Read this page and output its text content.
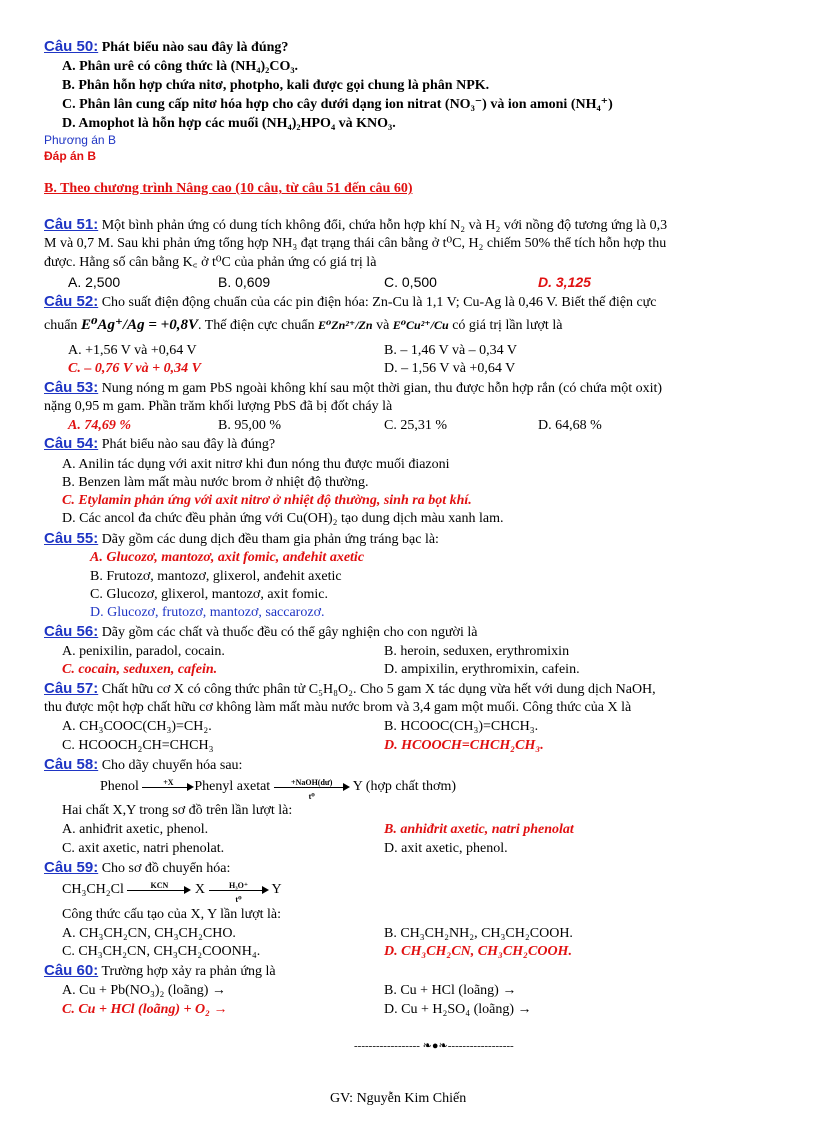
Câu 50: Phát biểu nào sau đây là đúng?
A. Phân urê có công thức là (NH₄)₂CO₃.
B. Phân hỗn hợp chứa nitơ, photpho, kali được gọi chung là phân NPK.
C. Phân lân cung cấp nitơ hóa hợp cho cây dưới dạng ion nitrat (NO₃⁻) và ion amoni (NH₄⁺)
D. Amophot là hỗn hợp các muối (NH₄)₂HPO₄ và KNO₃.
Phương án B
Đáp án B
B. Theo chương trình Nâng cao (10 câu, từ câu 51 đến câu 60)
Câu 51: Một bình phản ứng có dung tích không đổi, chứa hỗn hợp khí N₂ và H₂ với nồng độ tương ứng là 0,3
M và 0,7 M. Sau khi phản ứng tổng hợp NH₃ đạt trạng thái cân bằng ở t⁰C, H₂ chiếm 50% thể tích hỗn hợp thu
được. Hằng số cân bằng K꜀ ở t⁰C của phản ứng có giá trị là
A. 2,500	B. 0,609	C. 0,500	D. 3,125
Câu 52: Cho suất điện động chuẩn của các pin điện hóa: Zn-Cu là 1,1 V; Cu-Ag là 0,46 V. Biết thế điện cực
chuẩn E⁰Ag⁺/Ag = +0,8V. Thế điện cực chuẩn E⁰Zn²⁺/Zn và E⁰Cu²⁺/Cu có giá trị lần lượt là
A. +1,56 V và +0,64 V	B. – 1,46 V và – 0,34 V
C. – 0,76 V và + 0,34 V	D. – 1,56 V và +0,64 V
Câu 53: Nung nóng m gam PbS ngoài không khí sau một thời gian, thu được hỗn hợp rắn (có chứa một oxit)
nặng 0,95 m gam. Phần trăm khối lượng PbS đã bị đốt cháy là
A. 74,69 %	B. 95,00 %	C. 25,31 %	D. 64,68 %
Câu 54: Phát biểu nào sau đây là đúng?
A. Anilin tác dụng với axit nitrơ khi đun nóng thu được muối điazoni
B. Benzen làm mất màu nước brom ở nhiệt độ thường.
C. Etylamin phản ứng với axit nitrơ ở nhiệt độ thường, sinh ra bọt khí.
D. Các ancol đa chức đều phản ứng với Cu(OH)₂ tạo dung dịch màu xanh lam.
Câu 55: Dãy gồm các dung dịch đều tham gia phản ứng tráng bạc là:
A. Glucozơ, mantozơ, axit fomic, anđehit axetic
B. Frutozơ, mantozơ, glixerol, anđehit axetic
C. Glucozơ, glixerol, mantozơ, axit fomic.
D. Glucozơ, frutozơ, mantozơ, saccarozơ.
Câu 56: Dãy gồm các chất và thuốc đều có thể gây nghiện cho con người là
A. penixilin, paradol, cocain.	B. heroin, seduxen, erythromixin
C. cocain, seduxen, cafein.	D. ampixilin, erythromixin, cafein.
Câu 57: Chất hữu cơ X có công thức phân tử C₅H₈O₂. Cho 5 gam X tác dụng vừa hết với dung dịch NaOH,
thu được một hợp chất hữu cơ không làm mất màu nước brom và 3,4 gam một muối. Công thức của X là
A. CH₃COOC(CH₃)=CH₂.	B. HCOOC(CH₃)=CHCH₃.
C. HCOOCH₂CH=CHCH₃	D. HCOOCH=CHCH₂CH₃.
Câu 58: Cho dãy chuyển hóa sau:
Phenol	+X	Phenyl axetat	+NaOH(dư)
t⁰
Y (hợp chất thơm)
Hai chất X,Y trong sơ đồ trên lần lượt là:
A. anhiđrit axetic, phenol.	B. anhiđrit axetic, natri phenolat
C. axit axetic, natri phenolat.	D. axit axetic, phenol.
Câu 59: Cho sơ đồ chuyển hóa:
CH₃CH₂Cl	KCN	X	H₃O⁺
t⁰
Y
Công thức cấu tạo của X, Y lần lượt là:
A. CH₃CH₂CN, CH₃CH₂CHO.	B. CH₃CH₂NH₂, CH₃CH₂COOH.
C. CH₃CH₂CN, CH₃CH₂COONH₄.	D. CH₃CH₂CN, CH₃CH₂COOH.
Câu 60: Trường hợp xảy ra phản ứng là
A. Cu + Pb(NO₃)₂ (loãng) →	B. Cu + HCl (loãng) →
C. Cu + HCl (loãng) + O₂ →	D. Cu + H₂SO₄ (loãng) →
------------------ ❧●❧------------------
GV: Nguyễn Kim Chiến
